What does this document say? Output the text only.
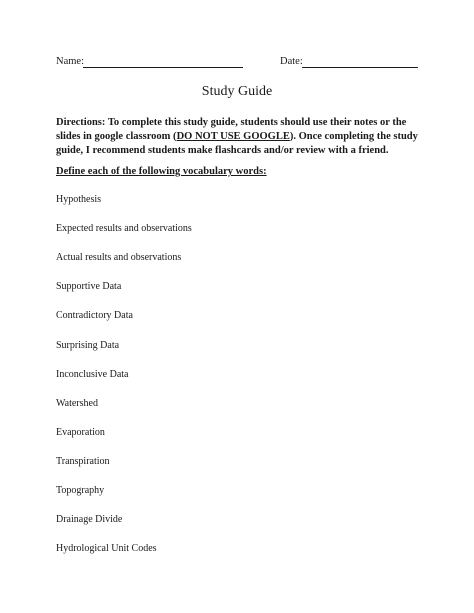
Name:	Date:
Study Guide
Directions: To complete this study guide, students should use their notes or the slides in google classroom (DO NOT USE GOOGLE). Once completing the study guide, I recommend students make flashcards and/or review with a friend.
Define each of the following vocabulary words:
Hypothesis
Expected results and observations
Actual results and observations
Supportive Data
Contradictory Data
Surprising Data
Inconclusive Data
Watershed
Evaporation
Transpiration
Topography
Drainage Divide
Hydrological Unit Codes
